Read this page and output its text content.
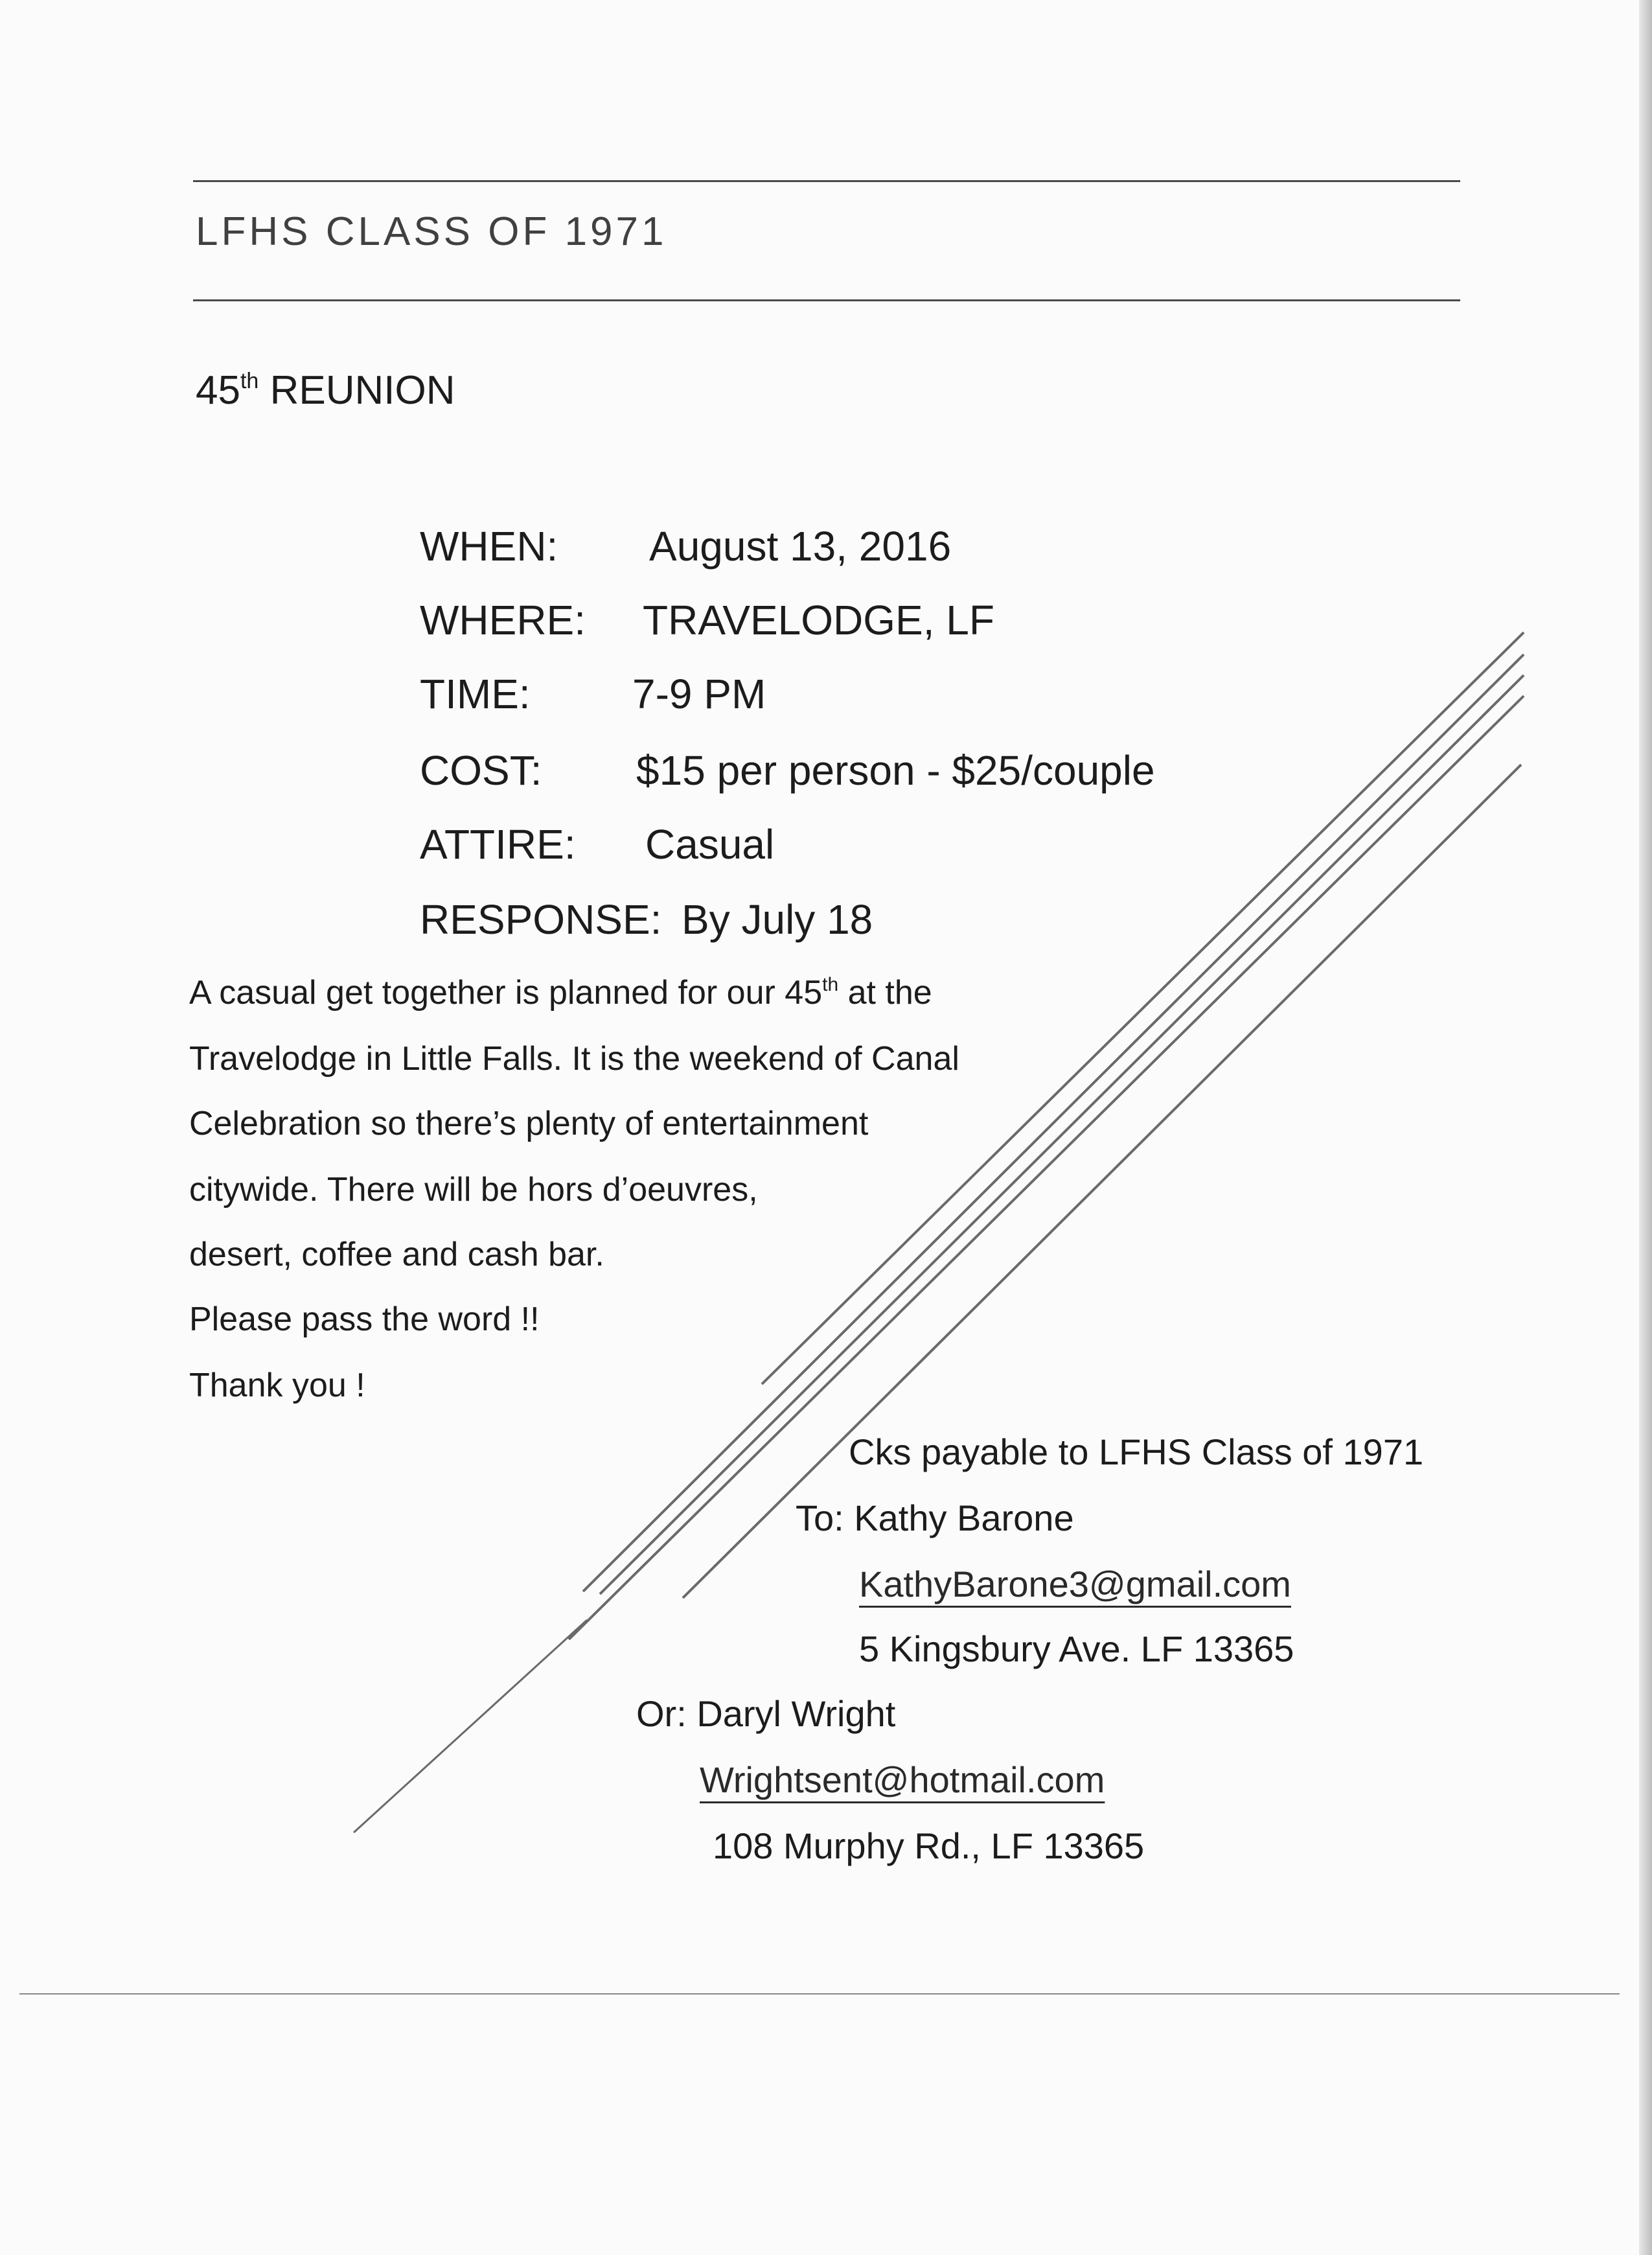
LFHS CLASS OF 1971
45th REUNION
WHEN: August 13, 2016
WHERE: TRAVELODGE, LF
TIME: 7-9 PM
COST: $15 per person - $25/couple
ATTIRE: Casual
RESPONSE: By July 18
A casual get together is planned for our 45th at the
Travelodge in Little Falls. It is the weekend of Canal
Celebration so there’s plenty of entertainment
citywide. There will be hors d’oeuvres,
desert, coffee and cash bar.
Please pass the word !!
Thank you !
Cks payable to LFHS Class of 1971
To: Kathy Barone
KathyBarone3@gmail.com
5 Kingsbury Ave. LF 13365
Or: Daryl Wright
Wrightsent@hotmail.com
108 Murphy Rd., LF 13365
